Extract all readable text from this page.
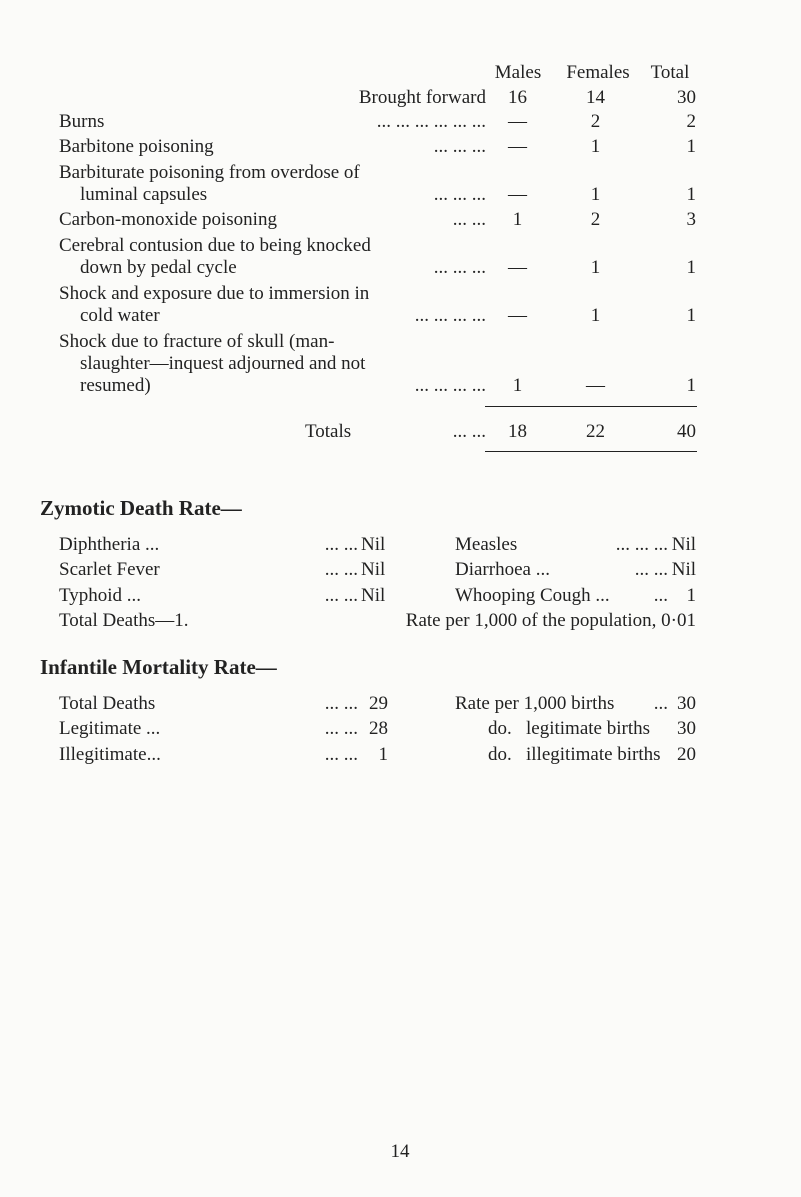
Males	Females	Total
Brought forward	16	14	30
Burns	... ... ... ... ... ...	—	2	2
Barbitone poisoning	... ... ...	—	1	1
Barbiturate poisoning from overdose of
luminal capsules	... ... ...	—	1	1
Carbon-monoxide poisoning	... ...	1	2	3
Cerebral contusion due to being knocked
down by pedal cycle	... ... ...	—	1	1
Shock and exposure due to immersion in
cold water	... ... ... ...	—	1	1
Shock due to fracture of skull (man-
slaughter—inquest adjourned and not
resumed)	... ... ... ...	1	—	1
Totals	... ...	18	22	40
Zymotic Death Rate—
Diphtheria ...	... ... Nil	Measles	... ... ... Nil
Scarlet Fever	... ... Nil	Diarrhoea ...	... ... Nil
Typhoid ...	... ... Nil	Whooping Cough ...	... 1
Total Deaths—1.	Rate per 1,000 of the population, 0·01
Infantile Mortality Rate—
Total Deaths	... ... 29	Rate per 1,000 births	... 30
Legitimate ...	... ... 28	do.   legitimate births	30
Illegitimate...	... ...	1	do.   illegitimate births 20
14
